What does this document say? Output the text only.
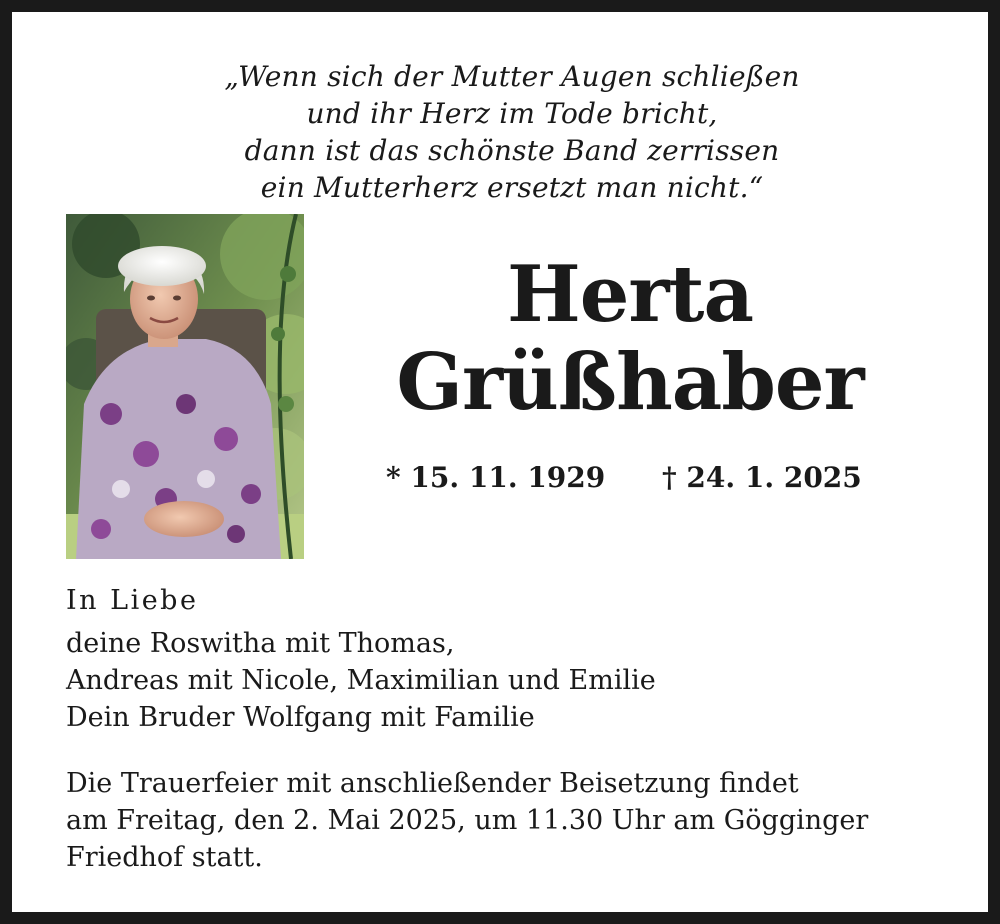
„Wenn sich der Mutter Augen schließen
und ihr Herz im Tode bricht,
dann ist das schönste Band zerrissen
ein Mutterherz ersetzt man nicht.“
Herta
Grüßhaber
* 15. 11. 1929 † 24. 1. 2025
In Liebe
deine Roswitha mit Thomas,
Andreas mit Nicole, Maximilian und Emilie
Dein Bruder Wolfgang mit Familie
Die Trauerfeier mit anschließender Beisetzung findet
am Freitag, den 2. Mai 2025, um 11.30 Uhr am Gögginger
Friedhof statt.
